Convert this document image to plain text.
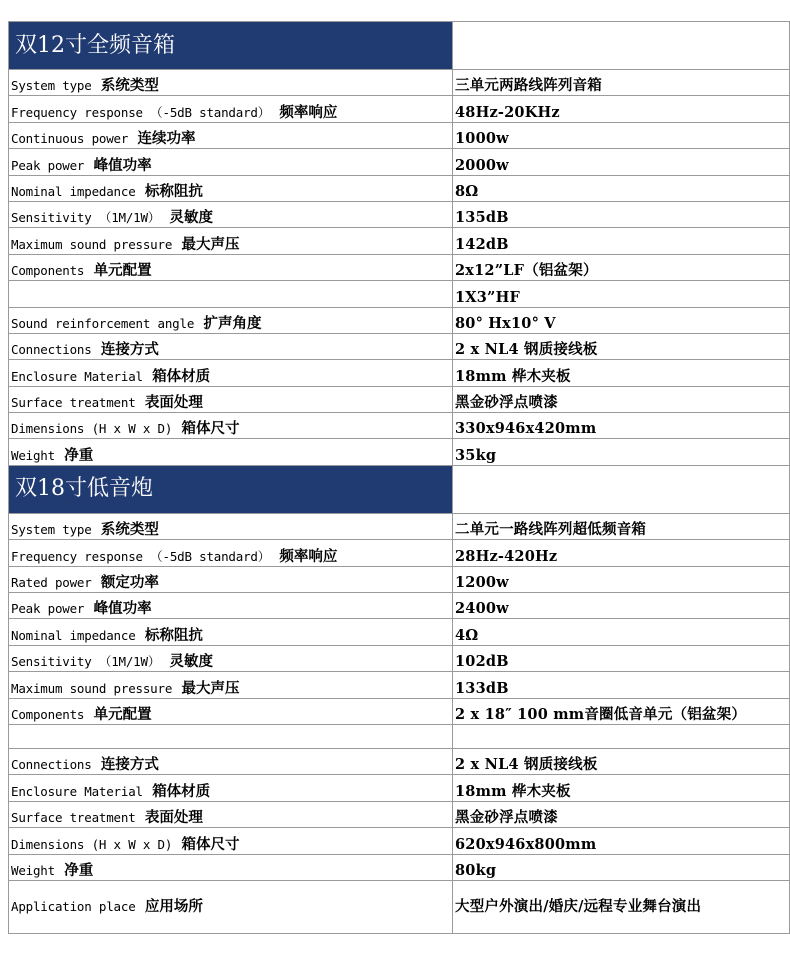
双12寸全频音箱	
System type 系统类型	三单元两路线阵列音箱
Frequency response （-5dB standard） 频率响应	48Hz-20KHz
Continuous power 连续功率	1000w
Peak power 峰值功率	2000w
Nominal impedance 标称阻抗	8Ω
Sensitivity （1M/1W） 灵敏度	135dB
Maximum sound pressure 最大声压	142dB
Components 单元配置	2x12”LF（铝盆架）
	1X3”HF
Sound reinforcement angle 扩声角度	80° Hx10° V
Connections 连接方式	2 x NL4 钢质接线板
Enclosure Material 箱体材质	18mm 桦木夹板
Surface treatment 表面处理	黑金砂浮点喷漆
Dimensions (H x W x D) 箱体尺寸	330x946x420mm
Weight 净重	35kg
双18寸低音炮	
System type 系统类型	二单元一路线阵列超低频音箱
Frequency response （-5dB standard） 频率响应	28Hz-420Hz
Rated power 额定功率	1200w
Peak power 峰值功率	2400w
Nominal impedance 标称阻抗	4Ω
Sensitivity （1M/1W） 灵敏度	102dB
Maximum sound pressure 最大声压	133dB
Components 单元配置	2 x 18″ 100 mm音圈低音单元（铝盆架）

Connections 连接方式	2 x NL4 钢质接线板
Enclosure Material 箱体材质	18mm 桦木夹板
Surface treatment 表面处理	黑金砂浮点喷漆
Dimensions (H x W x D) 箱体尺寸	620x946x800mm
Weight 净重	80kg
Application place 应用场所	大型户外演出/婚庆/远程专业舞台演出
